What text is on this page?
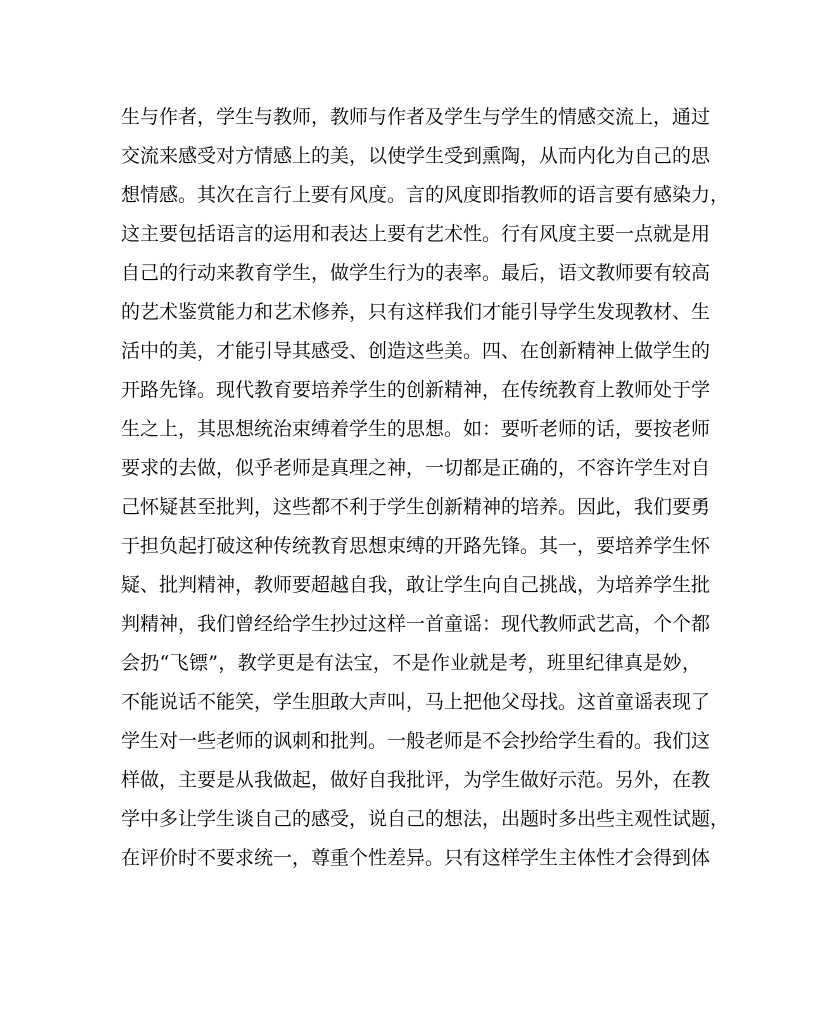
生与作者，学生与教师，教师与作者及学生与学生的情感交流上，通过
交流来感受对方情感上的美，以使学生受到熏陶，从而内化为自己的思
想情感。其次在言行上要有风度。言的风度即指教师的语言要有感染力，
这主要包括语言的运用和表达上要有艺术性。行有风度主要一点就是用
自己的行动来教育学生，做学生行为的表率。最后，语文教师要有较高
的艺术鉴赏能力和艺术修养，只有这样我们才能引导学生发现教材、生
活中的美，才能引导其感受、创造这些美。四、在创新精神上做学生的
开路先锋。现代教育要培养学生的创新精神，在传统教育上教师处于学
生之上，其思想统治束缚着学生的思想。如：要听老师的话，要按老师
要求的去做，似乎老师是真理之神，一切都是正确的，不容许学生对自
己怀疑甚至批判，这些都不利于学生创新精神的培养。因此，我们要勇
于担负起打破这种传统教育思想束缚的开路先锋。其一，要培养学生怀
疑、批判精神，教师要超越自我，敢让学生向自己挑战，为培养学生批
判精神，我们曾经给学生抄过这样一首童谣：现代教师武艺高，个个都
会扔“飞镖”，教学更是有法宝，不是作业就是考，班里纪律真是妙，
不能说话不能笑，学生胆敢大声叫，马上把他父母找。这首童谣表现了
学生对一些老师的讽刺和批判。一般老师是不会抄给学生看的。我们这
样做，主要是从我做起，做好自我批评，为学生做好示范。另外，在教
学中多让学生谈自己的感受，说自己的想法，出题时多出些主观性试题，
在评价时不要求统一，尊重个性差异。只有这样学生主体性才会得到体
